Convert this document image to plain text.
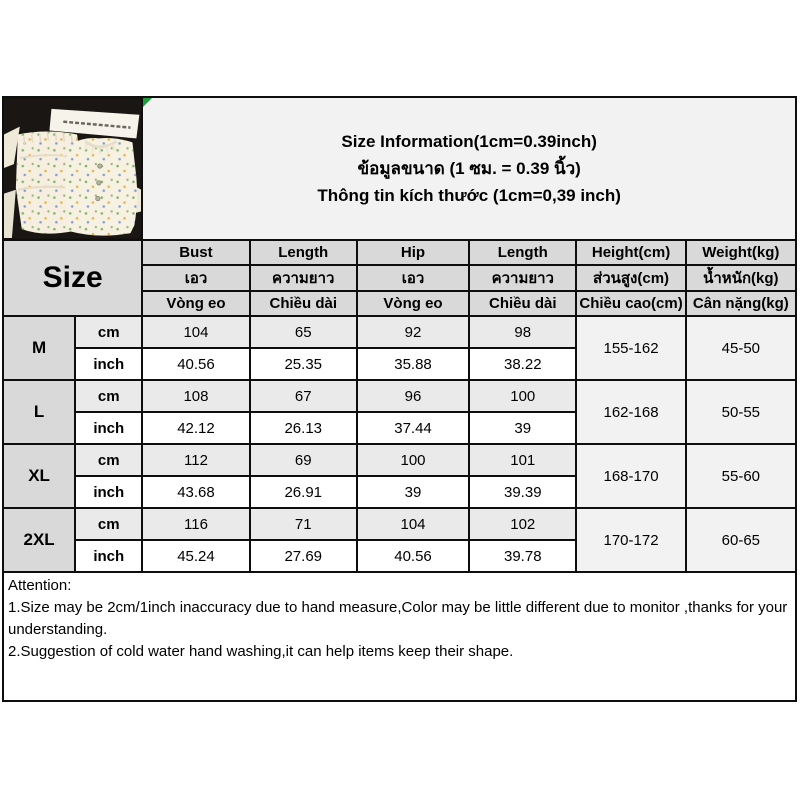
Size Information(1cm=0.39inch)
ข้อมูลขนาด (1 ซม. = 0.39 นิ้ว)
Thông tin kích thước (1cm=0,39 inch)					

Size		Bust	Length	Hip	Length	Height(cm)	Weight(kg)
		เอว	ความยาว	เอว	ความยาว	ส่วนสูง(cm)	น้ำหนัก(kg)
		Vòng eo	Chiều dài	Vòng eo	Chiều dài	Chiều cao(cm)	Cân nặng(kg)
M	cm	104	65	92	98	155-162	45-50
	inch	40.56	25.35	35.88	38.22		
L	cm	108	67	96	100	162-168	50-55
	inch	42.12	26.13	37.44	39		
XL	cm	112	69	100	101	168-170	55-60
	inch	43.68	26.91	39	39.39		
2XL	cm	116	71	104	102	170-172	60-65
	inch	45.24	27.69	40.56	39.78		

Attention:
1.Size may be 2cm/1inch inaccuracy due to hand measure,Color may be little different due to monitor ,thanks for your understanding.
2.Suggestion of cold water hand washing,it can help items keep their shape.							
